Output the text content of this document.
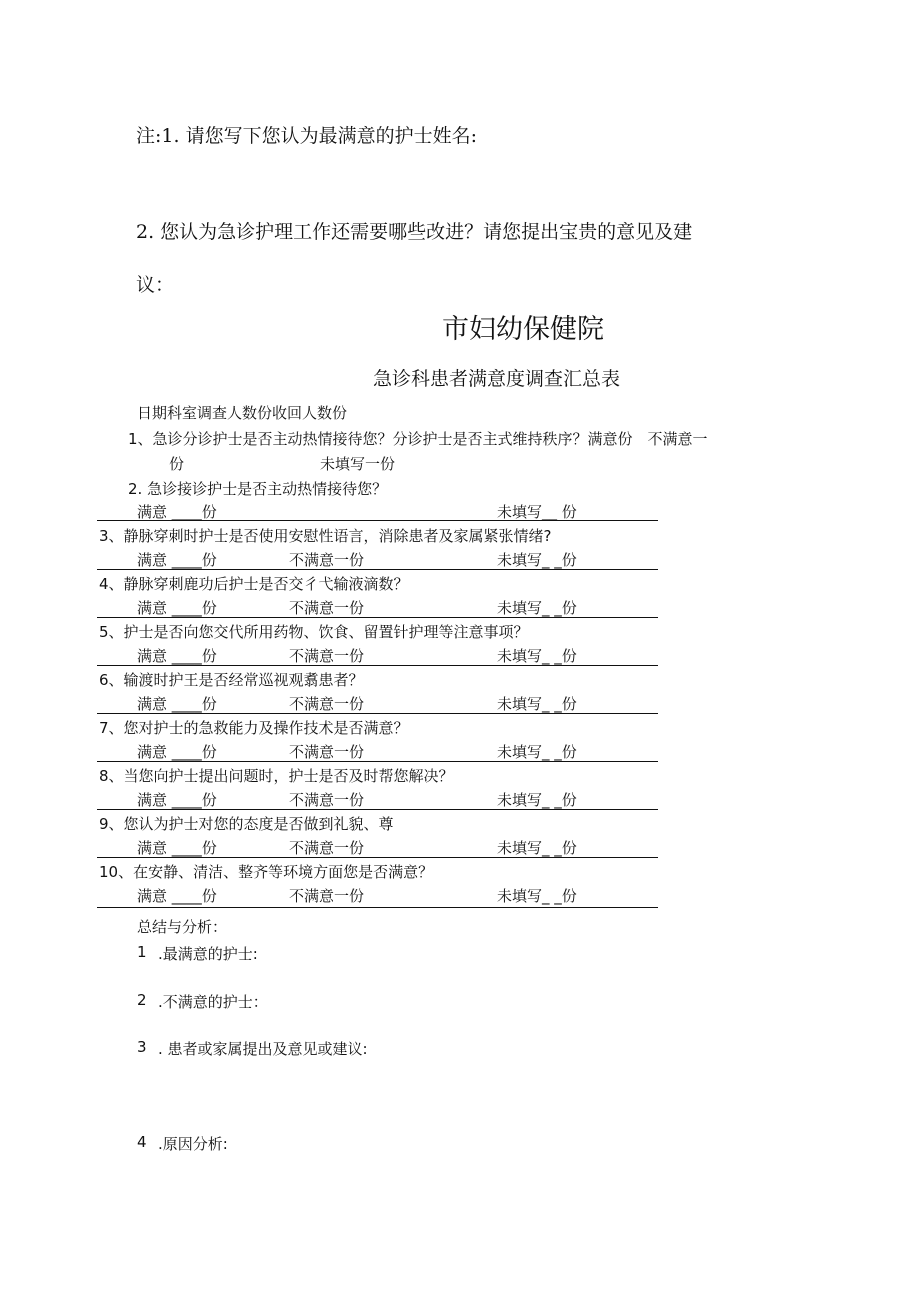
注:1. 请您写下您认为最满意的护士姓名:
2. 您认为急诊护理工作还需要哪些改进？请您提出宝贵的意见及建
议：
市妇幼保健院
急诊科患者满意度调查汇总表
日期科室调查人数份收回人数份
1、急诊分诊护士是否主动热情接待您？分诊护士是否主式维持秩序？满意份　不满意一
份	未填写一份
2. 急诊接诊护士是否主动热情接待您？
满意 ____份	未填写__ 份
3、静脉穿刺时护士是否使用安慰性语言，消除患者及家属紧张情绪?
满意 ____份	不满意一份	未填写_ _份
4、静脉穿刺鹿功后护士是否交彳弋输液滴数？
满意 ____份	不满意一份	未填写_ _份
5、护士是否向您交代所用药物、饮食、留置针护理等注意事项？
满意 ____份	不满意一份	未填写_ _份
6、输渡时护王是否经常巡视观翥患者？
满意 ____份	不满意一份	未填写_ _份
7、您对护士的急救能力及操作技术是否满意？
满意 ____份	不满意一份	未填写_ _份
8、当您向护士提出问题时，护士是否及时帮您解决？
满意 ____份	不满意一份	未填写_ _份
9、您认为护士对您的态度是否做到礼貌、尊
满意 ____份	不满意一份	未填写_ _份
10、在安静、清洁、整齐等环境方面您是否满意？
满意 ____份	不满意一份	未填写_ _份
总结与分析：
1 .最满意的护士:
2 .不满意的护士：
3 . 患者或家属提出及意见或建议:
4 .原因分析:
